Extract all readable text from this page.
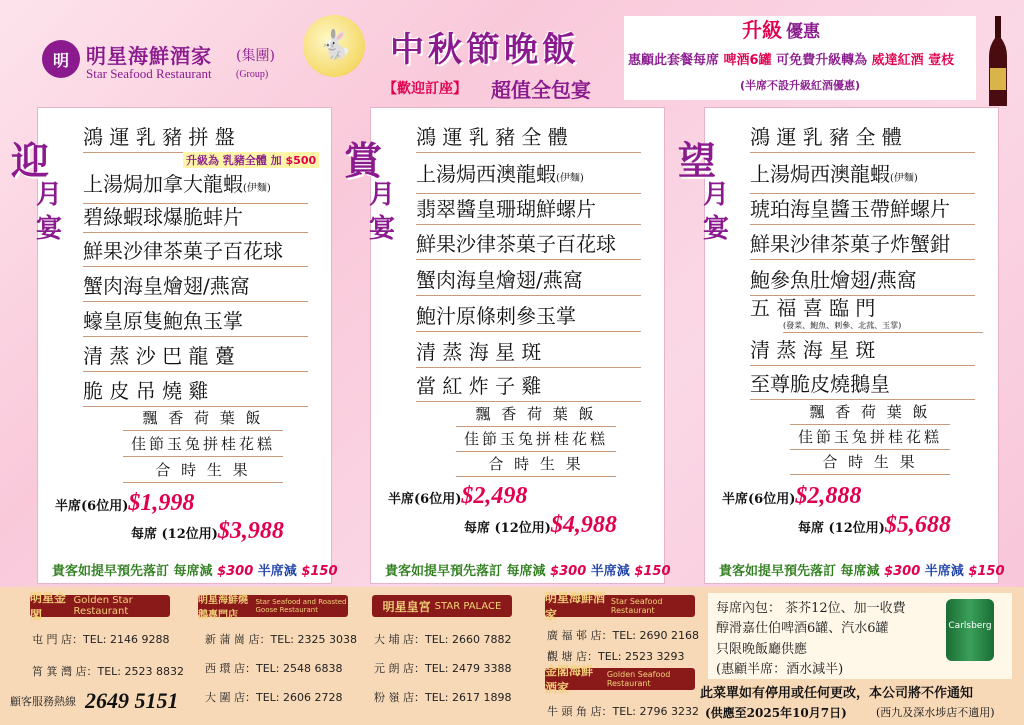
明 明星海鮮酒家 (集團)
Star Seafood Restaurant (Group)
🐇 中秋節晚飯
【歡迎訂座】 超值全包宴
升級 優惠
惠顧此套餐每席 啤酒6罐 可免費升級轉為 威達紅酒 壹枝
(半席不設升級紅酒優惠)
迎
月宴
鴻 運 乳 豬 拼 盤
升級為 乳豬全體 加 $500
上湯焗加拿大龍蝦(伊麵)
碧綠蝦球爆脆蚌片
鮮果沙律茶菓子百花球
蟹肉海皇燴翅/燕窩
蠔皇原隻鮑魚玉掌
清 蒸 沙 巴 龍 躉
脆 皮 吊 燒 雞
飄 香 荷 葉 飯
佳節玉兔拼桂花糕
合 時 生 果
半席(6位用)$1,998
每席 (12位用)$3,988
貴客如提早預先落訂 每席減 $300 半席減 $150
賞
月宴
鴻 運 乳 豬 全 體
上湯焗西澳龍蝦(伊麵)
翡翠醬皇珊瑚鮮螺片
鮮果沙律茶菓子百花球
蟹肉海皇燴翅/燕窩
鮑汁原條刺參玉掌
清 蒸 海 星 斑
當 紅 炸 子 雞
飄 香 荷 葉 飯
佳節玉兔拼桂花糕
合 時 生 果
半席(6位用)$2,498
每席 (12位用)$4,988
貴客如提早預先落訂 每席減 $300 半席減 $150
望
月宴
鴻 運 乳 豬 全 體
上湯焗西澳龍蝦(伊麵)
琥珀海皇醬玉帶鮮螺片
鮮果沙律茶菓子炸蟹鉗
鮑參魚肚燴翅/燕窩
五 福 喜 臨 門
(發菜、鮑魚、刺參、北菰、玉掌)
清 蒸 海 星 斑
至尊脆皮燒鵝皇
飄 香 荷 葉 飯
佳節玉兔拼桂花糕
合 時 生 果
半席(6位用)$2,888
每席 (12位用)$5,688
貴客如提早預先落訂 每席減 $300 半席減 $150
明星金閣
Golden Star Restaurant
明星海鮮燒鵝專門店
Star Seafood and Roasted Goose Restaurant	明星皇宮 STAR PALACE
明星海鮮酒家
Star Seafood Restaurant
金閣海鮮酒家
Golden Seafood Restaurant
屯 門 店：TEL: 2146 9288
筲 箕 灣 店：TEL: 2523 8832
新 蒲 崗 店：TEL: 2325 3038
西 環 店：TEL: 2548 6838
大 圍 店：TEL: 2606 2728
大 埔 店：TEL: 2660 7882
元 朗 店：TEL: 2479 3388
粉 嶺 店：TEL: 2617 1898
廣 福 邨 店：TEL: 2690 2168
觀 塘 店：TEL: 2523 3293
牛 頭 角 店：TEL: 2796 3232
顧客服務熱線 2649 5151
每席內包： 茶芥12位、加一收費
醇滑嘉仕伯啤酒6罐、汽水6罐
只限晚飯廳供應
(惠顧半席：酒水減半)
Carlsberg
此菜單如有停用或任何更改，本公司將不作通知
(供應至2025年10月7日)	(西九及深水埗店不適用)
